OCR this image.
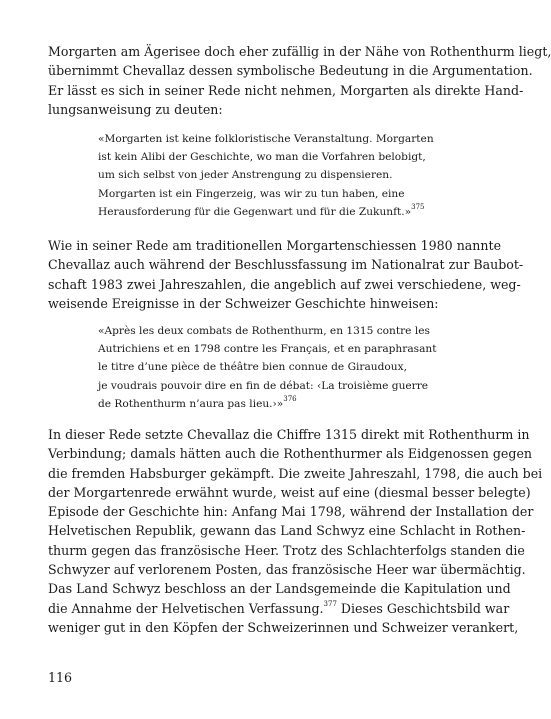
Morgarten am Ägerisee doch eher zufällig in der Nähe von Rothenthurm liegt,
übernimmt Chevallaz dessen symbolische Bedeutung in die Argumentation.
Er lässt es sich in seiner Rede nicht nehmen, Morgarten als direkte Hand-
lungsanweisung zu deuten:

«Morgarten ist keine folkloristische Veranstaltung. Morgarten
ist kein Alibi der Geschichte, wo man die Vorfahren belobigt,
um sich selbst von jeder Anstrengung zu dispensieren.
Morgarten ist ein Fingerzeig, was wir zu tun haben, eine
Herausforderung für die Gegenwart und für die Zukunft.»$^{375}$

Wie in seiner Rede am traditionellen Morgartenschiessen 1980 nannte
Chevallaz auch während der Beschlussfassung im Nationalrat zur Baubot-
schaft 1983 zwei Jahreszahlen, die angeblich auf zwei verschiedene, weg-
weisende Ereignisse in der Schweizer Geschichte hinweisen:

«Après les deux combats de Rothenthurm, en 1315 contre les
Autrichiens et en 1798 contre les Français, et en paraphrasant
le titre d’une pièce de théâtre bien connue de Giraudoux,
je voudrais pouvoir dire en fin de débat: ‹La troisième guerre
de Rothenthurm n’aura pas lieu.›»$^{376}$

In dieser Rede setzte Chevallaz die Chiffre 1315 direkt mit Rothenthurm in
Verbindung; damals hätten auch die Rothenthurmer als Eidgenossen gegen
die fremden Habsburger gekämpft. Die zweite Jahreszahl, 1798, die auch bei
der Morgartenrede erwähnt wurde, weist auf eine (diesmal besser belegte)
Episode der Geschichte hin: Anfang Mai 1798, während der Installation der
Helvetischen Republik, gewann das Land Schwyz eine Schlacht in Rothen-
thurm gegen das französische Heer. Trotz des Schlachterfolgs standen die
Schwyzer auf verlorenem Posten, das französische Heer war übermächtig.
Das Land Schwyz beschloss an der Landsgemeinde die Kapitulation und
die Annahme der Helvetischen Verfassung.$^{377}$ Dieses Geschichtsbild war
weniger gut in den Köpfen der Schweizerinnen und Schweizer verankert,

116
